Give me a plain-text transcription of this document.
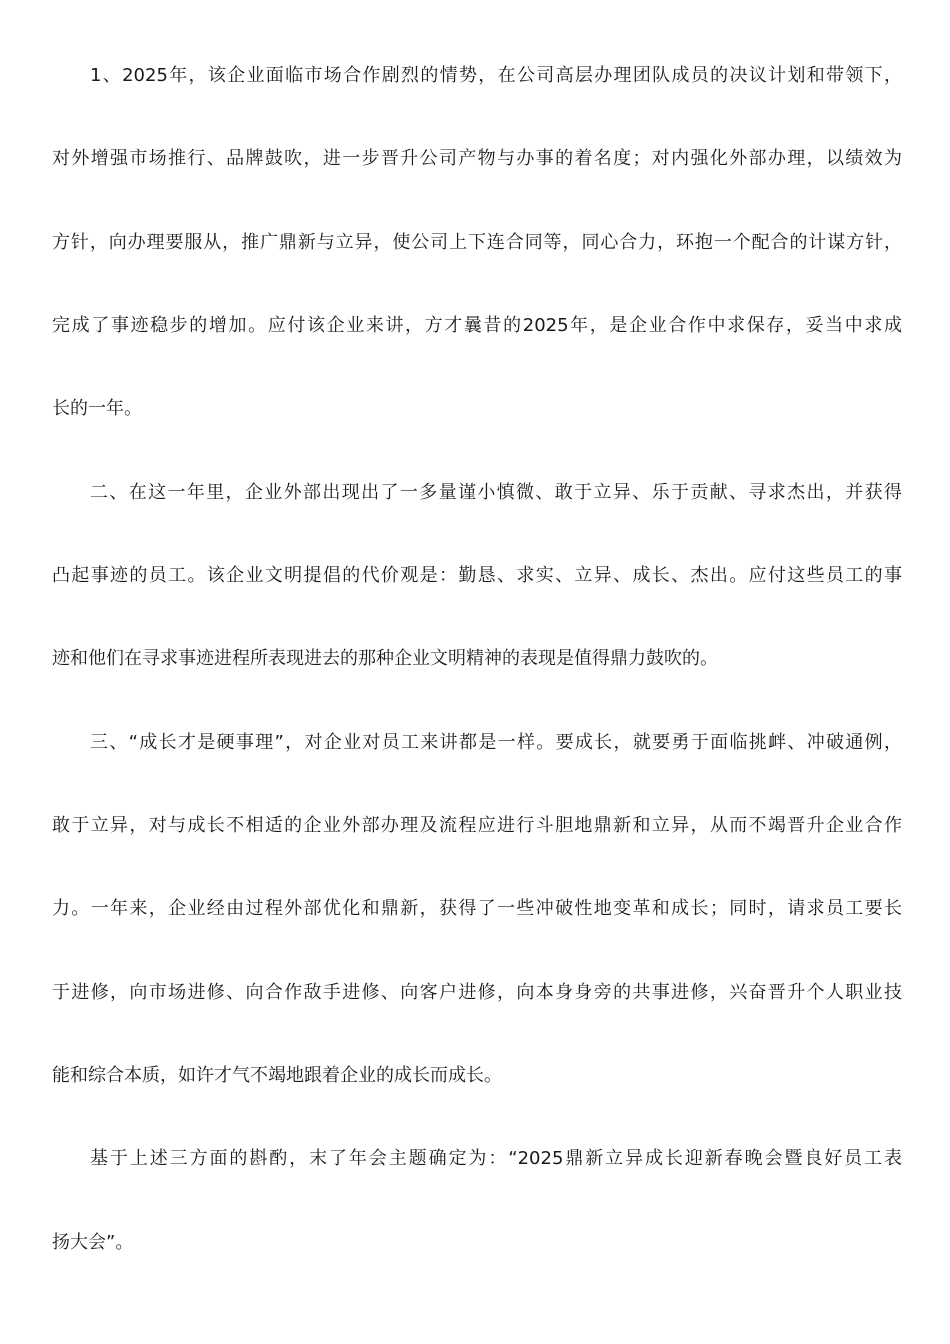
1、2025年，该企业面临市场合作剧烈的情势，在公司高层办理团队成员的决议计划和带领下，
对外增强市场推行、品牌鼓吹，进一步晋升公司产物与办事的着名度；对内强化外部办理，以绩效为
方针，向办理要服从，推广鼎新与立异，使公司上下连合同等，同心合力，环抱一个配合的计谋方针，
完成了事迹稳步的增加。应付该企业来讲，方才曩昔的2025年，是企业合作中求保存，妥当中求成
长的一年。
二、在这一年里，企业外部出现出了一多量谨小慎微、敢于立异、乐于贡献、寻求杰出，并获得
凸起事迹的员工。该企业文明提倡的代价观是：勤恳、求实、立异、成长、杰出。应付这些员工的事
迹和他们在寻求事迹进程所表现进去的那种企业文明精神的表现是值得鼎力鼓吹的。
三、“成长才是硬事理”，对企业对员工来讲都是一样。要成长，就要勇于面临挑衅、冲破通例，
敢于立异，对与成长不相适的企业外部办理及流程应进行斗胆地鼎新和立异，从而不竭晋升企业合作
力。一年来，企业经由过程外部优化和鼎新，获得了一些冲破性地变革和成长；同时，请求员工要长
于进修，向市场进修、向合作敌手进修、向客户进修，向本身身旁的共事进修，兴奋晋升个人职业技
能和综合本质，如许才气不竭地跟着企业的成长而成长。
基于上述三方面的斟酌，末了年会主题确定为：“2025鼎新立异成长迎新春晚会暨良好员工表
扬大会”。
